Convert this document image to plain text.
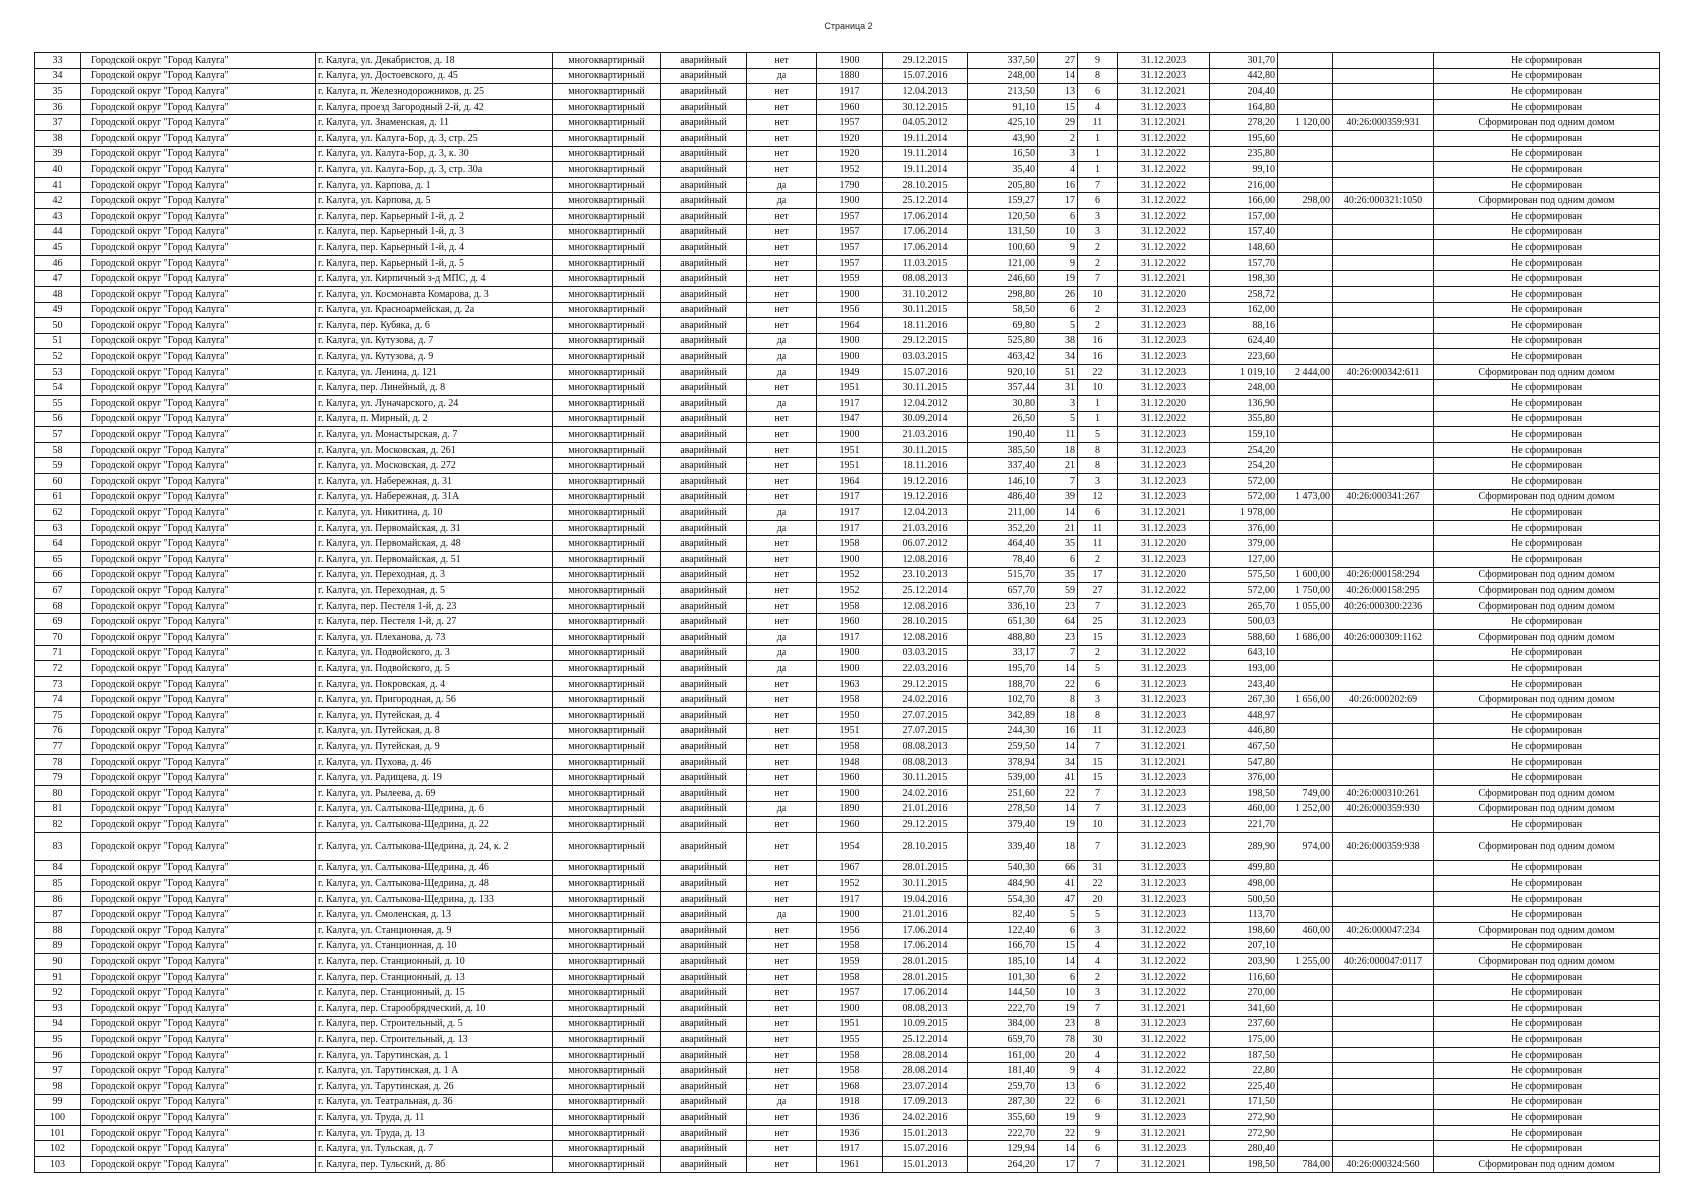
Страница 2
33	Городской округ "Город Калуга"	г. Калуга, ул. Декабристов, д. 18	многоквартирный	аварийный	нет	1900	29.12.2015	337,50	27	9	31.12.2023	301,70			Не сформирован
34	Городской округ "Город Калуга"	г. Калуга, ул. Достоевского, д. 45	многоквартирный	аварийный	да	1880	15.07.2016	248,00	14	8	31.12.2023	442,80			Не сформирован
35	Городской округ "Город Калуга"	г. Калуга, п. Железнодорожников, д. 25	многоквартирный	аварийный	нет	1917	12.04.2013	213,50	13	6	31.12.2021	204,40			Не сформирован
36	Городской округ "Город Калуга"	г. Калуга, проезд Загородный 2-й, д. 42	многоквартирный	аварийный	нет	1960	30.12.2015	91,10	15	4	31.12.2023	164,80			Не сформирован
37	Городской округ "Город Калуга"	г. Калуга, ул. Знаменская, д. 11	многоквартирный	аварийный	нет	1957	04.05.2012	425,10	29	11	31.12.2021	278,20	1 120,00	40:26:000359:931	Сформирован под одним домом
38	Городской округ "Город Калуга"	г. Калуга, ул. Калуга-Бор, д. 3, стр. 25	многоквартирный	аварийный	нет	1920	19.11.2014	43,90	2	1	31.12.2022	195,60			Не сформирован
39	Городской округ "Город Калуга"	г. Калуга, ул. Калуга-Бор, д. 3, к. 30	многоквартирный	аварийный	нет	1920	19.11.2014	16,50	3	1	31.12.2022	235,80			Не сформирован
40	Городской округ "Город Калуга"	г. Калуга, ул. Калуга-Бор, д. 3, стр. 30а	многоквартирный	аварийный	нет	1952	19.11.2014	35,40	4	1	31.12.2022	99,10			Не сформирован
41	Городской округ "Город Калуга"	г. Калуга, ул. Карпова, д. 1	многоквартирный	аварийный	да	1790	28.10.2015	205,80	16	7	31.12.2022	216,00			Не сформирован
42	Городской округ "Город Калуга"	г. Калуга, ул. Карпова, д. 5	многоквартирный	аварийный	да	1900	25.12.2014	159,27	17	6	31.12.2022	166,00	298,00	40:26:000321:1050	Сформирован под одним домом
43	Городской округ "Город Калуга"	г. Калуга, пер. Карьерный 1-й, д. 2	многоквартирный	аварийный	нет	1957	17.06.2014	120,50	6	3	31.12.2022	157,00			Не сформирован
44	Городской округ "Город Калуга"	г. Калуга, пер. Карьерный 1-й, д. 3	многоквартирный	аварийный	нет	1957	17.06.2014	131,50	10	3	31.12.2022	157,40			Не сформирован
45	Городской округ "Город Калуга"	г. Калуга, пер. Карьерный 1-й, д. 4	многоквартирный	аварийный	нет	1957	17.06.2014	100,60	9	2	31.12.2022	148,60			Не сформирован
46	Городской округ "Город Калуга"	г. Калуга, пер. Карьерный 1-й, д. 5	многоквартирный	аварийный	нет	1957	11.03.2015	121,00	9	2	31.12.2022	157,70			Не сформирован
47	Городской округ "Город Калуга"	г. Калуга, ул. Кирпичный з-д МПС, д. 4	многоквартирный	аварийный	нет	1959	08.08.2013	246,60	19	7	31.12.2021	198,30			Не сформирован
48	Городской округ "Город Калуга"	г. Калуга, ул. Космонавта Комарова, д. 3	многоквартирный	аварийный	нет	1900	31.10.2012	298,80	26	10	31.12.2020	258,72			Не сформирован
49	Городской округ "Город Калуга"	г. Калуга, ул. Красноармейская, д. 2а	многоквартирный	аварийный	нет	1956	30.11.2015	58,50	6	2	31.12.2023	162,00			Не сформирован
50	Городской округ "Город Калуга"	г. Калуга, пер. Кубяка, д. 6	многоквартирный	аварийный	нет	1964	18.11.2016	69,80	5	2	31.12.2023	88,16			Не сформирован
51	Городской округ "Город Калуга"	г. Калуга, ул. Кутузова, д. 7	многоквартирный	аварийный	да	1900	29.12.2015	525,80	38	16	31.12.2023	624,40			Не сформирован
52	Городской округ "Город Калуга"	г. Калуга, ул. Кутузова, д. 9	многоквартирный	аварийный	да	1900	03.03.2015	463,42	34	16	31.12.2023	223,60			Не сформирован
53	Городской округ "Город Калуга"	г. Калуга, ул. Ленина, д. 121	многоквартирный	аварийный	да	1949	15.07.2016	920,10	51	22	31.12.2023	1 019,10	2 444,00	40:26:000342:611	Сформирован под одним домом
54	Городской округ "Город Калуга"	г. Калуга, пер. Линейный, д. 8	многоквартирный	аварийный	нет	1951	30.11.2015	357,44	31	10	31.12.2023	248,00			Не сформирован
55	Городской округ "Город Калуга"	г. Калуга, ул. Луначарского, д. 24	многоквартирный	аварийный	да	1917	12.04.2012	30,80	3	1	31.12.2020	136,90			Не сформирован
56	Городской округ "Город Калуга"	г. Калуга, п. Мирный, д. 2	многоквартирный	аварийный	нет	1947	30.09.2014	26,50	5	1	31.12.2022	355,80			Не сформирован
57	Городской округ "Город Калуга"	г. Калуга, ул. Монастырская, д. 7	многоквартирный	аварийный	нет	1900	21.03.2016	190,40	11	5	31.12.2023	159,10			Не сформирован
58	Городской округ "Город Калуга"	г. Калуга, ул. Московская, д. 261	многоквартирный	аварийный	нет	1951	30.11.2015	385,50	18	8	31.12.2023	254,20			Не сформирован
59	Городской округ "Город Калуга"	г. Калуга, ул. Московская, д. 272	многоквартирный	аварийный	нет	1951	18.11.2016	337,40	21	8	31.12.2023	254,20			Не сформирован
60	Городской округ "Город Калуга"	г. Калуга, ул. Набережная, д. 31	многоквартирный	аварийный	нет	1964	19.12.2016	146,10	7	3	31.12.2023	572,00			Не сформирован
61	Городской округ "Город Калуга"	г. Калуга, ул. Набережная, д. 31А	многоквартирный	аварийный	нет	1917	19.12.2016	486,40	39	12	31.12.2023	572,00	1 473,00	40:26:000341:267	Сформирован под одним домом
62	Городской округ "Город Калуга"	г. Калуга, ул. Никитина, д. 10	многоквартирный	аварийный	да	1917	12.04.2013	211,00	14	6	31.12.2021	1 978,00			Не сформирован
63	Городской округ "Город Калуга"	г. Калуга, ул. Первомайская, д. 31	многоквартирный	аварийный	да	1917	21.03.2016	352,20	21	11	31.12.2023	376,00			Не сформирован
64	Городской округ "Город Калуга"	г. Калуга, ул. Первомайская, д. 48	многоквартирный	аварийный	нет	1958	06.07.2012	464,40	35	11	31.12.2020	379,00			Не сформирован
65	Городской округ "Город Калуга"	г. Калуга, ул. Первомайская, д. 51	многоквартирный	аварийный	нет	1900	12.08.2016	78,40	6	2	31.12.2023	127,00			Не сформирован
66	Городской округ "Город Калуга"	г. Калуга, ул. Переходная, д. 3	многоквартирный	аварийный	нет	1952	23.10.2013	515,70	35	17	31.12.2020	575,50	1 600,00	40:26:000158:294	Сформирован под одним домом
67	Городской округ "Город Калуга"	г. Калуга, ул. Переходная, д. 5	многоквартирный	аварийный	нет	1952	25.12.2014	657,70	59	27	31.12.2022	572,00	1 750,00	40:26:000158:295	Сформирован под одним домом
68	Городской округ "Город Калуга"	г. Калуга, пер. Пестеля 1-й, д. 23	многоквартирный	аварийный	нет	1958	12.08.2016	336,10	23	7	31.12.2023	265,70	1 055,00	40:26:000300:2236	Сформирован под одним домом
69	Городской округ "Город Калуга"	г. Калуга, пер. Пестеля 1-й, д. 27	многоквартирный	аварийный	нет	1960	28.10.2015	651,30	64	25	31.12.2023	500,03			Не сформирован
70	Городской округ "Город Калуга"	г. Калуга, ул. Плеханова, д. 73	многоквартирный	аварийный	да	1917	12.08.2016	488,80	23	15	31.12.2023	588,60	1 686,00	40:26:000309:1162	Сформирован под одним домом
71	Городской округ "Город Калуга"	г. Калуга, ул. Подвойского, д. 3	многоквартирный	аварийный	да	1900	03.03.2015	33,17	7	2	31.12.2022	643,10			Не сформирован
72	Городской округ "Город Калуга"	г. Калуга, ул. Подвойского, д. 5	многоквартирный	аварийный	да	1900	22.03.2016	195,70	14	5	31.12.2023	193,00			Не сформирован
73	Городской округ "Город Калуга"	г. Калуга, ул. Покровская, д. 4	многоквартирный	аварийный	нет	1963	29.12.2015	188,70	22	6	31.12.2023	243,40			Не сформирован
74	Городской округ "Город Калуга"	г. Калуга, ул. Пригородная, д. 56	многоквартирный	аварийный	нет	1958	24.02.2016	102,70	8	3	31.12.2023	267,30	1 656,00	40:26:000202:69	Сформирован под одним домом
75	Городской округ "Город Калуга"	г. Калуга, ул. Путейская, д. 4	многоквартирный	аварийный	нет	1950	27.07.2015	342,89	18	8	31.12.2023	448,97			Не сформирован
76	Городской округ "Город Калуга"	г. Калуга, ул. Путейская, д. 8	многоквартирный	аварийный	нет	1951	27.07.2015	244,30	16	11	31.12.2023	446,80			Не сформирован
77	Городской округ "Город Калуга"	г. Калуга, ул. Путейская, д. 9	многоквартирный	аварийный	нет	1958	08.08.2013	259,50	14	7	31.12.2021	467,50			Не сформирован
78	Городской округ "Город Калуга"	г. Калуга, ул. Пухова, д. 46	многоквартирный	аварийный	нет	1948	08.08.2013	378,94	34	15	31.12.2021	547,80			Не сформирован
79	Городской округ "Город Калуга"	г. Калуга, ул. Радищева, д. 19	многоквартирный	аварийный	нет	1960	30.11.2015	539,00	41	15	31.12.2023	376,00			Не сформирован
80	Городской округ "Город Калуга"	г. Калуга, ул. Рылеева, д. 69	многоквартирный	аварийный	нет	1900	24.02.2016	251,60	22	7	31.12.2023	198,50	749,00	40:26:000310:261	Сформирован под одним домом
81	Городской округ "Город Калуга"	г. Калуга, ул. Салтыкова-Щедрина, д. 6	многоквартирный	аварийный	да	1890	21.01.2016	278,50	14	7	31.12.2023	460,00	1 252,00	40:26:000359:930	Сформирован под одним домом
82	Городской округ "Город Калуга"	г. Калуга, ул. Салтыкова-Щедрина, д. 22	многоквартирный	аварийный	нет	1960	29.12.2015	379,40	19	10	31.12.2023	221,70			Не сформирован
83	Городской округ "Город Калуга"	г. Калуга, ул. Салтыкова-Щедрина, д. 24, к. 2	многоквартирный	аварийный	нет	1954	28.10.2015	339,40	18	7	31.12.2023	289,90	974,00	40:26:000359:938	Сформирован под одним домом
84	Городской округ "Город Калуга"	г. Калуга, ул. Салтыкова-Щедрина, д. 46	многоквартирный	аварийный	нет	1967	28.01.2015	540,30	66	31	31.12.2023	499,80			Не сформирован
85	Городской округ "Город Калуга"	г. Калуга, ул. Салтыкова-Щедрина, д. 48	многоквартирный	аварийный	нет	1952	30.11.2015	484,90	41	22	31.12.2023	498,00			Не сформирован
86	Городской округ "Город Калуга"	г. Калуга, ул. Салтыкова-Щедрина, д. 133	многоквартирный	аварийный	нет	1917	19.04.2016	554,30	47	20	31.12.2023	500,50			Не сформирован
87	Городской округ "Город Калуга"	г. Калуга, ул. Смоленская, д. 13	многоквартирный	аварийный	да	1900	21.01.2016	82,40	5	5	31.12.2023	113,70			Не сформирован
88	Городской округ "Город Калуга"	г. Калуга, ул. Станционная, д. 9	многоквартирный	аварийный	нет	1956	17.06.2014	122,40	6	3	31.12.2022	198,60	460,00	40:26:000047:234	Сформирован под одним домом
89	Городской округ "Город Калуга"	г. Калуга, ул. Станционная, д. 10	многоквартирный	аварийный	нет	1958	17.06.2014	166,70	15	4	31.12.2022	207,10			Не сформирован
90	Городской округ "Город Калуга"	г. Калуга, пер. Станционный, д. 10	многоквартирный	аварийный	нет	1959	28.01.2015	185,10	14	4	31.12.2022	203,90	1 255,00	40:26:000047:0117	Сформирован под одним домом
91	Городской округ "Город Калуга"	г. Калуга, пер. Станционный, д. 13	многоквартирный	аварийный	нет	1958	28.01.2015	101,30	6	2	31.12.2022	116,60			Не сформирован
92	Городской округ "Город Калуга"	г. Калуга, пер. Станционный, д. 15	многоквартирный	аварийный	нет	1957	17.06.2014	144,50	10	3	31.12.2022	270,00			Не сформирован
93	Городской округ "Город Калуга"	г. Калуга, пер. Старообрядческий, д. 10	многоквартирный	аварийный	нет	1900	08.08.2013	222,70	19	7	31.12.2021	341,60			Не сформирован
94	Городской округ "Город Калуга"	г. Калуга, пер. Строительный, д. 5	многоквартирный	аварийный	нет	1951	10.09.2015	384,00	23	8	31.12.2023	237,60			Не сформирован
95	Городской округ "Город Калуга"	г. Калуга, пер. Строительный, д. 13	многоквартирный	аварийный	нет	1955	25.12.2014	659,70	78	30	31.12.2022	175,00			Не сформирован
96	Городской округ "Город Калуга"	г. Калуга, ул. Тарутинская, д. 1	многоквартирный	аварийный	нет	1958	28.08.2014	161,00	20	4	31.12.2022	187,50			Не сформирован
97	Городской округ "Город Калуга"	г. Калуга, ул. Тарутинская, д. 1 А	многоквартирный	аварийный	нет	1958	28.08.2014	181,40	9	4	31.12.2022	22,80			Не сформирован
98	Городской округ "Город Калуга"	г. Калуга, ул. Тарутинская, д. 26	многоквартирный	аварийный	нет	1968	23.07.2014	259,70	13	6	31.12.2022	225,40			Не сформирован
99	Городской округ "Город Калуга"	г. Калуга, ул. Театральная, д. 36	многоквартирный	аварийный	да	1918	17.09.2013	287,30	22	6	31.12.2021	171,50			Не сформирован
100	Городской округ "Город Калуга"	г. Калуга, ул. Труда, д. 11	многоквартирный	аварийный	нет	1936	24.02.2016	355,60	19	9	31.12.2023	272,90			Не сформирован
101	Городской округ "Город Калуга"	г. Калуга, ул. Труда, д. 13	многоквартирный	аварийный	нет	1936	15.01.2013	222,70	22	9	31.12.2021	272,90			Не сформирован
102	Городской округ "Город Калуга"	г. Калуга, ул. Тульская, д. 7	многоквартирный	аварийный	нет	1917	15.07.2016	129,94	14	6	31.12.2023	280,40			Не сформирован
103	Городской округ "Город Калуга"	г. Калуга, пер. Тульский, д. 8б	многоквартирный	аварийный	нет	1961	15.01.2013	264,20	17	7	31.12.2021	198,50	784,00	40:26:000324:560	Сформирован под одним домом
